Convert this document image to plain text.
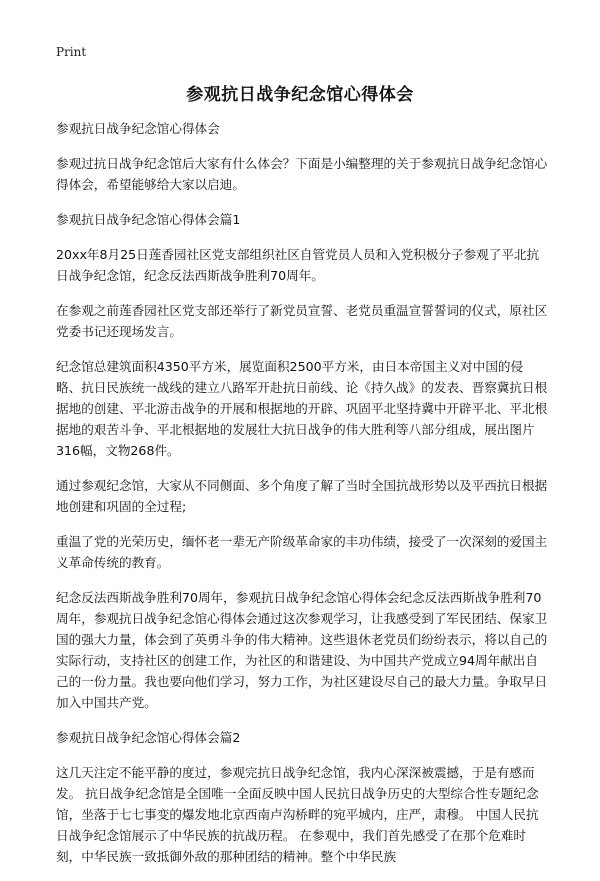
Print
参观抗日战争纪念馆心得体会

参观抗日战争纪念馆心得体会

参观过抗日战争纪念馆后大家有什么体会？下面是小编整理的关于参观抗日战争纪念馆心得体会，希望能够给大家以启迪。

参观抗日战争纪念馆心得体会篇1

20xx年8月25日莲香园社区党支部组织社区自管党员人员和入党积极分子参观了平北抗日战争纪念馆，纪念反法西斯战争胜利70周年。

在参观之前莲香园社区党支部还举行了新党员宣誓、老党员重温宣誓誓词的仪式，原社区党委书记还现场发言。

纪念馆总建筑面积4350平方米，展览面积2500平方米，由日本帝国主义对中国的侵略、抗日民族统一战线的建立八路军开赴抗日前线、论《持久战》的发表、晋察冀抗日根据地的创建、平北游击战争的开展和根据地的开辟、巩固平北坚持冀中开辟平北、平北根据地的艰苦斗争、平北根据地的发展壮大抗日战争的伟大胜利等八部分组成，展出图片316幅，文物268件。

通过参观纪念馆，大家从不同侧面、多个角度了解了当时全国抗战形势以及平西抗日根据地创建和巩固的全过程;

重温了党的光荣历史，缅怀老一辈无产阶级革命家的丰功伟绩，接受了一次深刻的爱国主义革命传统的教育。

纪念反法西斯战争胜利70周年，参观抗日战争纪念馆心得体会纪念反法西斯战争胜利70周年，参观抗日战争纪念馆心得体会通过这次参观学习，让我感受到了军民团结、保家卫国的强大力量，体会到了英勇斗争的伟大精神。这些退休老党员们纷纷表示，将以自己的实际行动，支持社区的创建工作，为社区的和谐建设、为中国共产党成立94周年献出自己的一份力量。我也要向他们学习，努力工作，为社区建设尽自己的最大力量。争取早日加入中国共产党。

参观抗日战争纪念馆心得体会篇2

这几天注定不能平静的度过，参观完抗日战争纪念馆，我内心深深被震撼，于是有感而发。 抗日战争纪念馆是全国唯一全面反映中国人民抗日战争历史的大型综合性专题纪念馆，坐落于七七事变的爆发地北京西南卢沟桥畔的宛平城内，庄严，肃穆。 中国人民抗日战争纪念馆展示了中华民族的抗战历程。 在参观中，我们首先感受了在那个危难时刻，中华民族一致抵御外敌的那种团结的精神。整个中华民族
